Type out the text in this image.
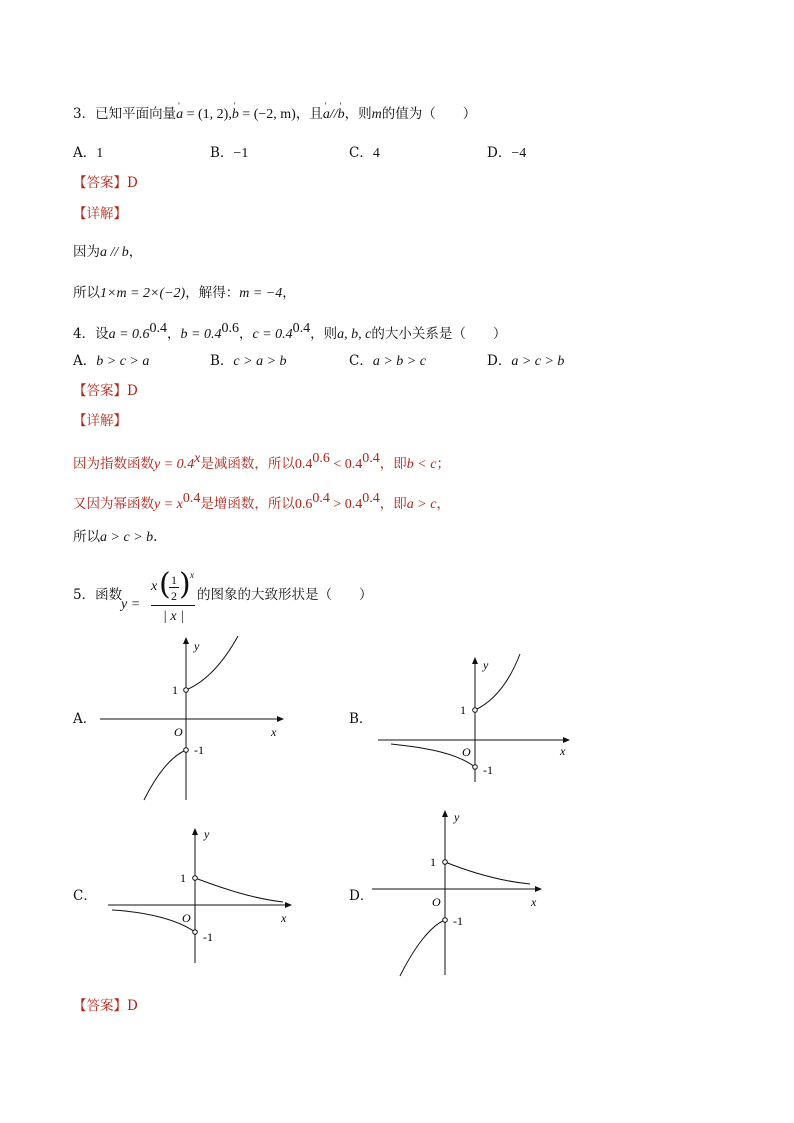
3．已知平面向量' a = (1, 2),' b = (−2, m)，且' a//' b，则m的值为（　　）
A．1	B．−1	C．4	D．−4
【答案】D
【详解】
因为a // b，
所以1×m = 2×(−2)，解得：m = −4，
4．设$a = 0.6^{0.4}$，$b = 0.4^{0.6}$，$c = 0.4^{0.4}$，则a, b, c的大小关系是（　　）
A．b > c > a	B．c > a > b	C．a > b > c	D．a > c > b
【答案】D
【详解】
因为指数函数$y = 0.4^x$是减函数，所以$0.4^{0.6} < 0.4^{0.4}$，即b < c；
又因为幂函数$y = x^{0.4}$是增函数，所以$0.6^{0.4} > 0.4^{0.4}$，即a > c，
所以a > c > b.
5．函数
y =
x ( 1
2 ) x
| x |
的图象的大致形状是（　　）
A．	B．
C．	D．
y
x
O
1
-1
y
x
O
1
-1
y
x
O
1
-1
y
x
O
1
-1
【答案】D
